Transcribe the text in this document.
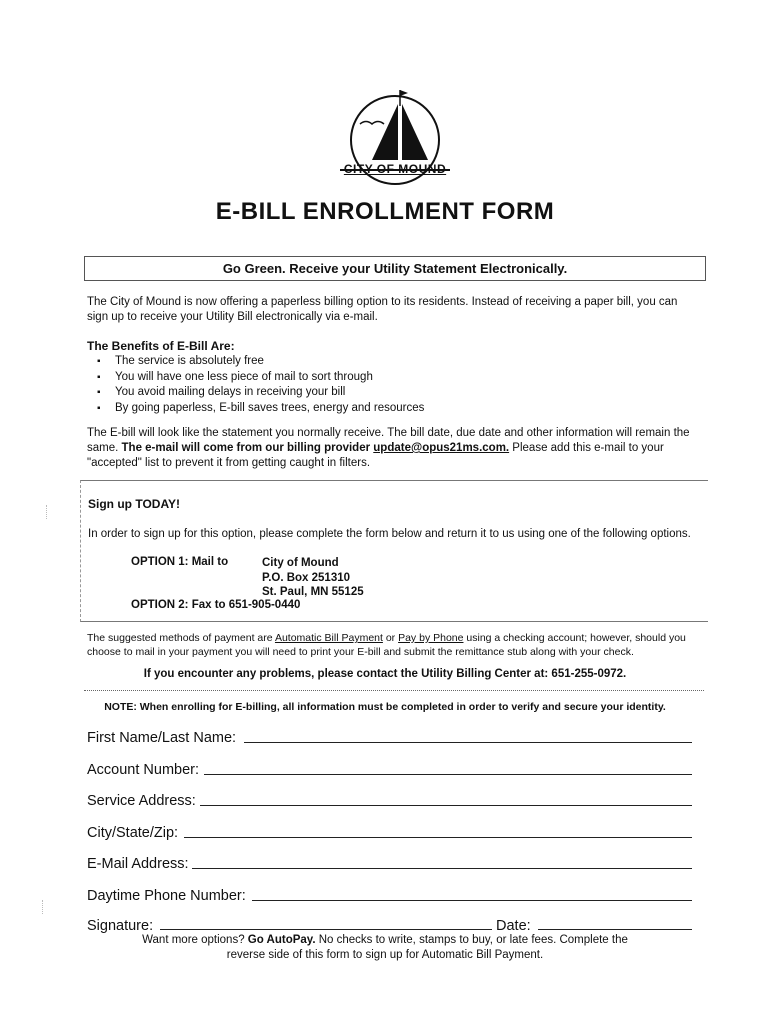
CITY OF MOUND
E-BILL ENROLLMENT FORM
Go Green. Receive your Utility Statement Electronically.
The City of Mound is now offering a paperless billing option to its residents. Instead of receiving a paper bill, you can sign up to receive your Utility Bill electronically via e-mail.
The Benefits of E-Bill Are:
▪ The service is absolutely free
▪ You will have one less piece of mail to sort through
▪ You avoid mailing delays in receiving your bill
▪ By going paperless, E-bill saves trees, energy and resources
The E-bill will look like the statement you normally receive. The bill date, due date and other information will remain the same. The e-mail will come from our billing provider update@opus21ms.com. Please add this e-mail to your "accepted" list to prevent it from getting caught in filters.
Sign up TODAY!
In order to sign up for this option, please complete the form below and return it to us using one of the following options.
OPTION 1: Mail to	City of Mound
P.O. Box 251310
St. Paul, MN 55125
OPTION 2: Fax to 651-905-0440
The suggested methods of payment are Automatic Bill Payment or Pay by Phone using a checking account; however, should you choose to mail in your payment you will need to print your E-bill and submit the remittance stub along with your check.
If you encounter any problems, please contact the Utility Billing Center at: 651-255-0972.
NOTE: When enrolling for E-billing, all information must be completed in order to verify and secure your identity.
First Name/Last Name:
Account Number:
Service Address:
City/State/Zip:
E-Mail Address:
Daytime Phone Number:
Signature:	Date:
Want more options? Go AutoPay. No checks to write, stamps to buy, or late fees. Complete the
reverse side of this form to sign up for Automatic Bill Payment.
